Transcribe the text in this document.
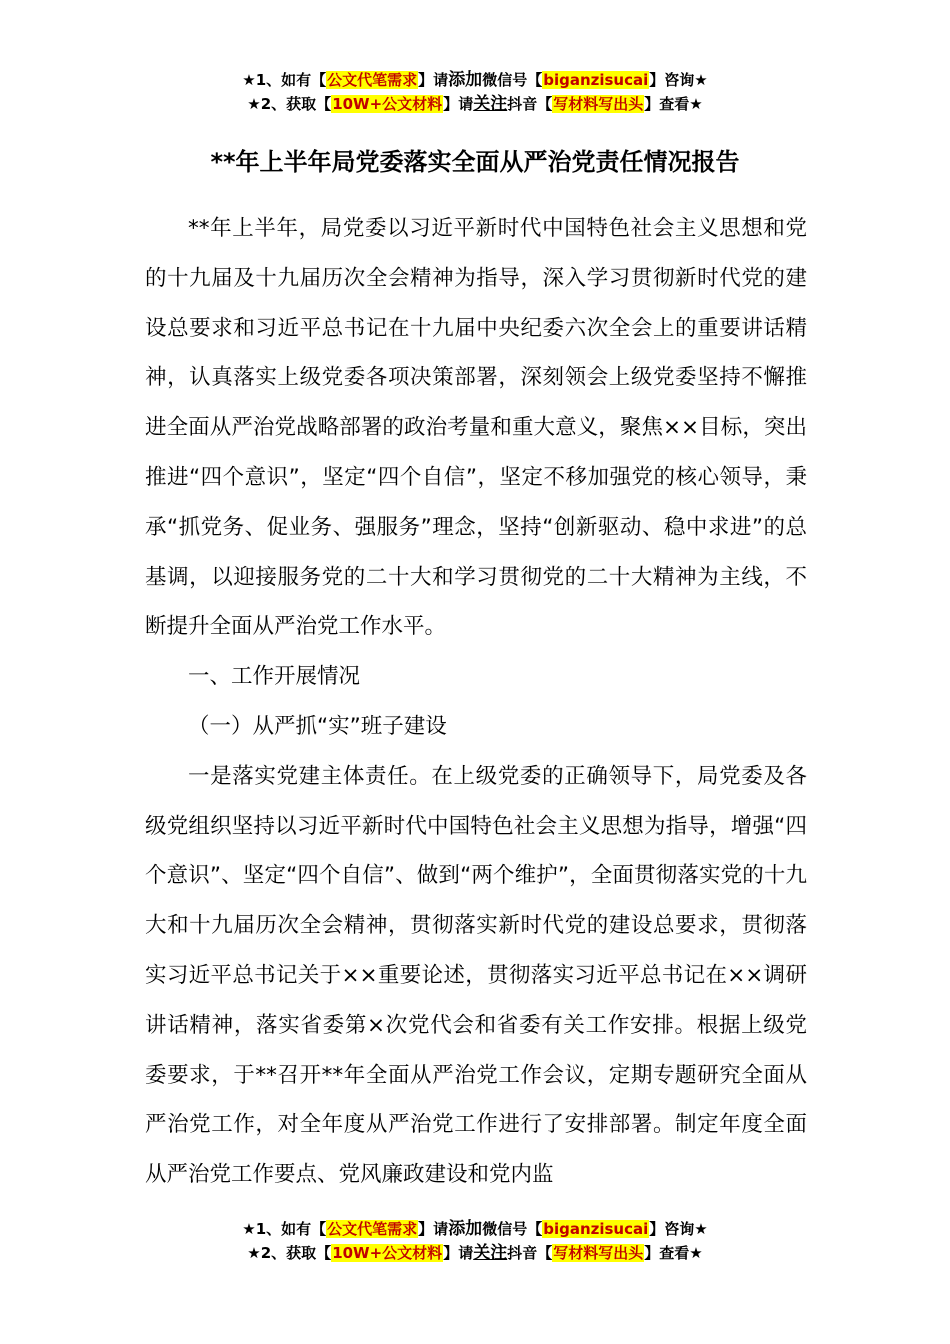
★1、如有【公文代笔需求】请添加微信号【biganzisucai】咨询★
★2、获取【10W+公文材料】请关注抖音【写材料写出头】查看★
**年上半年局党委落实全面从严治党责任情况报告

**年上半年，局党委以习近平新时代中国特色社会主义思想和党的十九届及十九届历次全会精神为指导，深入学习贯彻新时代党的建设总要求和习近平总书记在十九届中央纪委六次全会上的重要讲话精神，认真落实上级党委各项决策部署，深刻领会上级党委坚持不懈推进全面从严治党战略部署的政治考量和重大意义，聚焦××目标，突出推进“四个意识”，坚定“四个自信”，坚定不移加强党的核心领导，秉承“抓党务、促业务、强服务”理念，坚持“创新驱动、稳中求进”的总基调，以迎接服务党的二十大和学习贯彻党的二十大精神为主线，不断提升全面从严治党工作水平。

一、工作开展情况

（一）从严抓“实”班子建设

一是落实党建主体责任。在上级党委的正确领导下，局党委及各级党组织坚持以习近平新时代中国特色社会主义思想为指导，增强“四个意识”、坚定“四个自信”、做到“两个维护”，全面贯彻落实党的十九大和十九届历次全会精神，贯彻落实新时代党的建设总要求，贯彻落实习近平总书记关于××重要论述，贯彻落实习近平总书记在××调研讲话精神，落实省委第×次党代会和省委有关工作安排。根据上级党委要求，于**召开**年全面从严治党工作会议，定期专题研究全面从严治党工作，对全年度从严治党工作进行了安排部署。制定年度全面从严治党工作要点、党风廉政建设和党内监

★1、如有【公文代笔需求】请添加微信号【biganzisucai】咨询★
★2、获取【10W+公文材料】请关注抖音【写材料写出头】查看★
